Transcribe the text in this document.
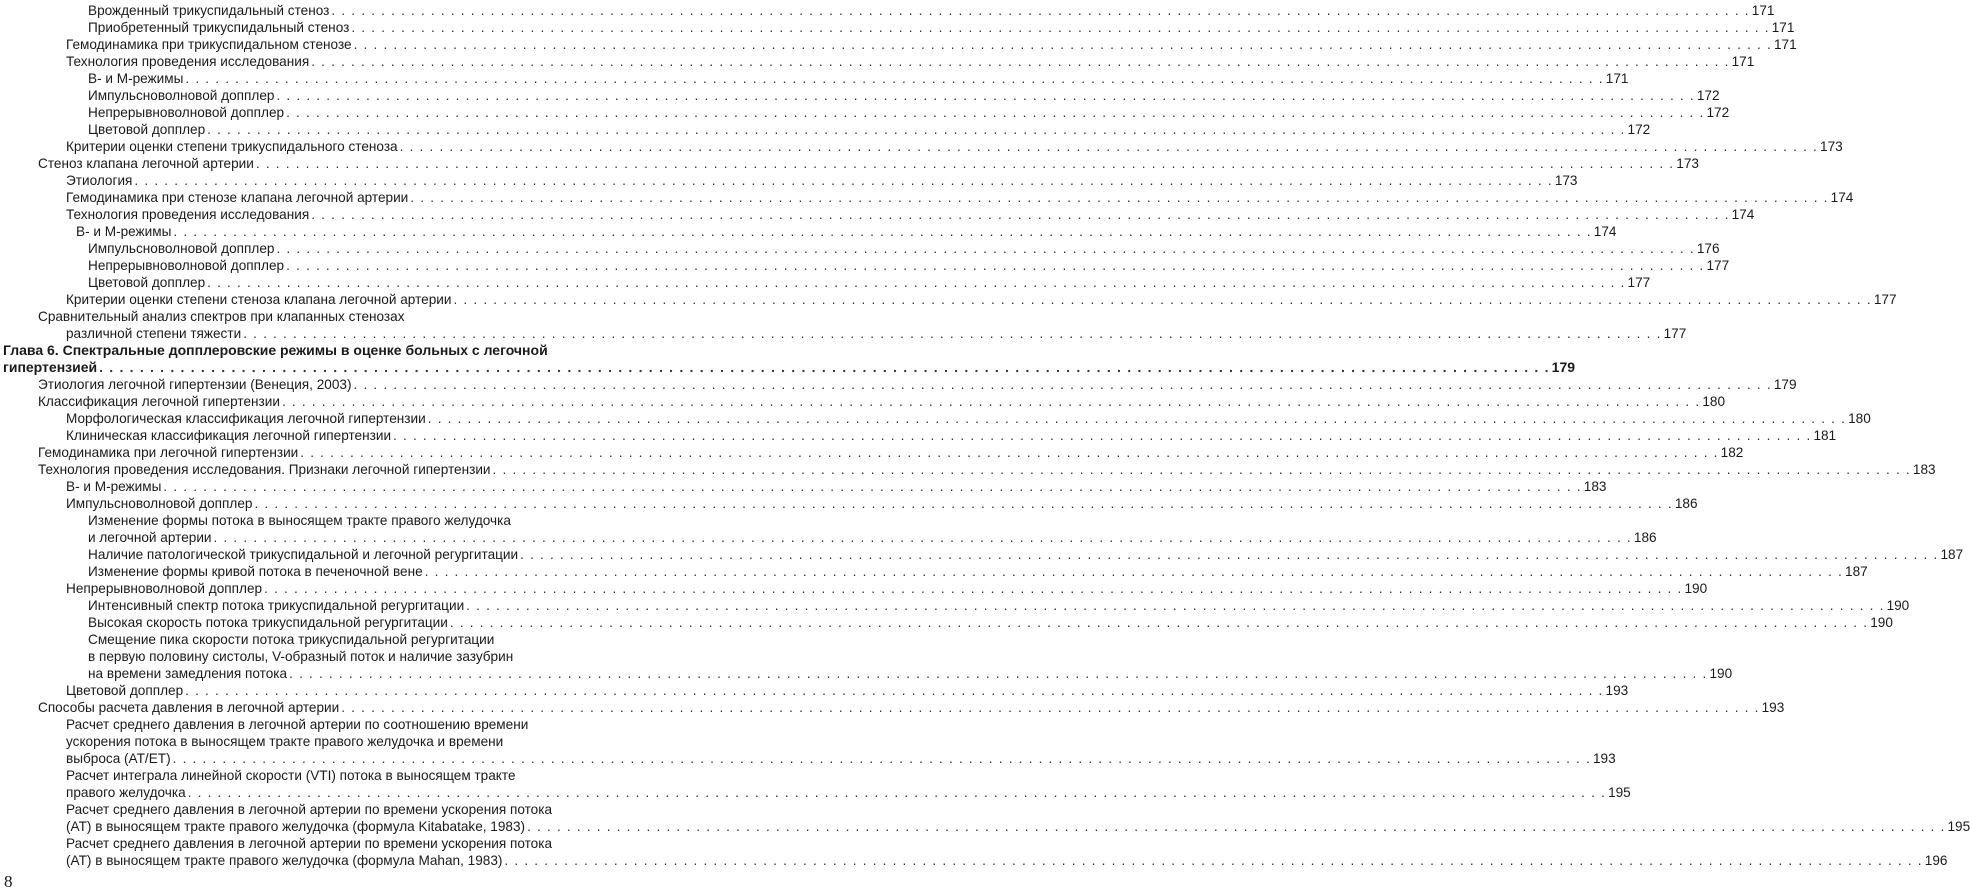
Врожденный трикуспидальный стеноз . . .	171
Приобретенный трикуспидальный стеноз . . .	171
Гемодинамика при трикуспидальном стенозе . . .	171
Технология проведения исследования . . .	171
В- и М-режимы . . .	171
Импульсноволновой допплер . . .	172
Непрерывноволновой допплер . . .	172
Цветовой допплер . . .	172
Критерии оценки степени трикуспидального стеноза . . .	173
Стеноз клапана легочной артерии . . .	173
Этиология . . .	173
Гемодинамика при стенозе клапана легочной артерии . . .	174
Технология проведения исследования . . .	174
В- и М-режимы . . .	174
Импульсноволновой допплер . . .	176
Непрерывноволновой допплер . . .	177
Цветовой допплер . . .	177
Критерии оценки степени стеноза клапана легочной артерии . . .	177
Сравнительный анализ спектров при клапанных стенозах
различной степени тяжести . . .	177
Глава 6. Спектральные допплеровские режимы в оценке больных с легочной
гипертензией . . .	179
Этиология легочной гипертензии (Венеция, 2003) . . .	179
Классификация легочной гипертензии . . .	180
Морфологическая классификация легочной гипертензии . . .	180
Клиническая классификация легочной гипертензии . . .	181
Гемодинамика при легочной гипертензии . . .	182
Технология проведения исследования. Признаки легочной гипертензии . . .	183
В- и М-режимы . . .	183
Импульсноволновой допплер . . .	186
Изменение формы потока в выносящем тракте правого желудочка
и легочной артерии . . .	186
Наличие патологической трикуспидальной и легочной регургитации . . .	187
Изменение формы кривой потока в печеночной вене . . .	187
Непрерывноволновой допплер . . .	190
Интенсивный спектр потока трикуспидальной регургитации . . .	190
Высокая скорость потока трикуспидальной регургитации . . .	190
Смещение пика скорости потока трикуспидальной регургитации
в первую половину систолы, V-образный поток и наличие зазубрин
на времени замедления потока . . .	190
Цветовой допплер . . .	193
Способы расчета давления в легочной артерии . . .	193
Расчет среднего давления в легочной артерии по соотношению времени
ускорения потока в выносящем тракте правого желудочка и времени
выброса (AT/ET) . . .	193
Расчет интеграла линейной скорости (VTI) потока в выносящем тракте
правого желудочка . . .	195
Расчет среднего давления в легочной артерии по времени ускорения потока
(AT) в выносящем тракте правого желудочка (формула Kitabatake, 1983) . . .	195
Расчет среднего давления в легочной артерии по времени ускорения потока
(AT) в выносящем тракте правого желудочка (формула Mahan, 1983) . . .	196
8
